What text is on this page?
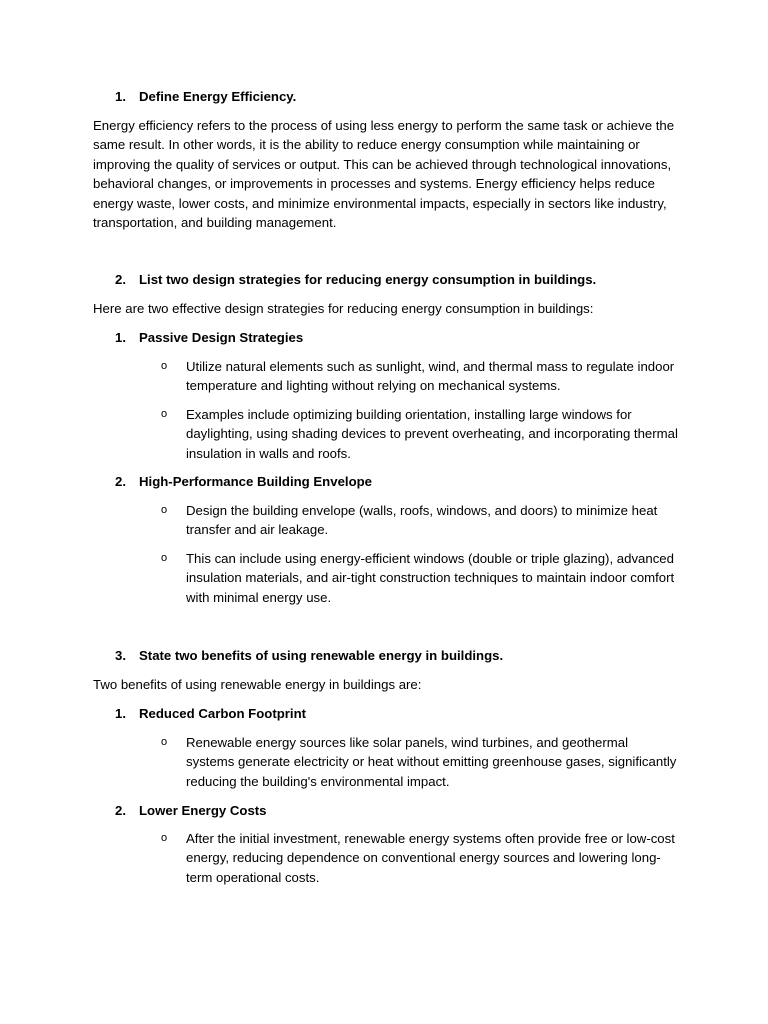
1. Define Energy Efficiency.
Energy efficiency refers to the process of using less energy to perform the same task or achieve the same result. In other words, it is the ability to reduce energy consumption while maintaining or improving the quality of services or output. This can be achieved through technological innovations, behavioral changes, or improvements in processes and systems. Energy efficiency helps reduce energy waste, lower costs, and minimize environmental impacts, especially in sectors like industry, transportation, and building management.
2. List two design strategies for reducing energy consumption in buildings.
Here are two effective design strategies for reducing energy consumption in buildings:
1. Passive Design Strategies
o Utilize natural elements such as sunlight, wind, and thermal mass to regulate indoor temperature and lighting without relying on mechanical systems.
o Examples include optimizing building orientation, installing large windows for daylighting, using shading devices to prevent overheating, and incorporating thermal insulation in walls and roofs.
2. High-Performance Building Envelope
o Design the building envelope (walls, roofs, windows, and doors) to minimize heat transfer and air leakage.
o This can include using energy-efficient windows (double or triple glazing), advanced insulation materials, and air-tight construction techniques to maintain indoor comfort with minimal energy use.
3. State two benefits of using renewable energy in buildings.
Two benefits of using renewable energy in buildings are:
1. Reduced Carbon Footprint
o Renewable energy sources like solar panels, wind turbines, and geothermal systems generate electricity or heat without emitting greenhouse gases, significantly reducing the building's environmental impact.
2. Lower Energy Costs
o After the initial investment, renewable energy systems often provide free or low-cost energy, reducing dependence on conventional energy sources and lowering long-term operational costs.
